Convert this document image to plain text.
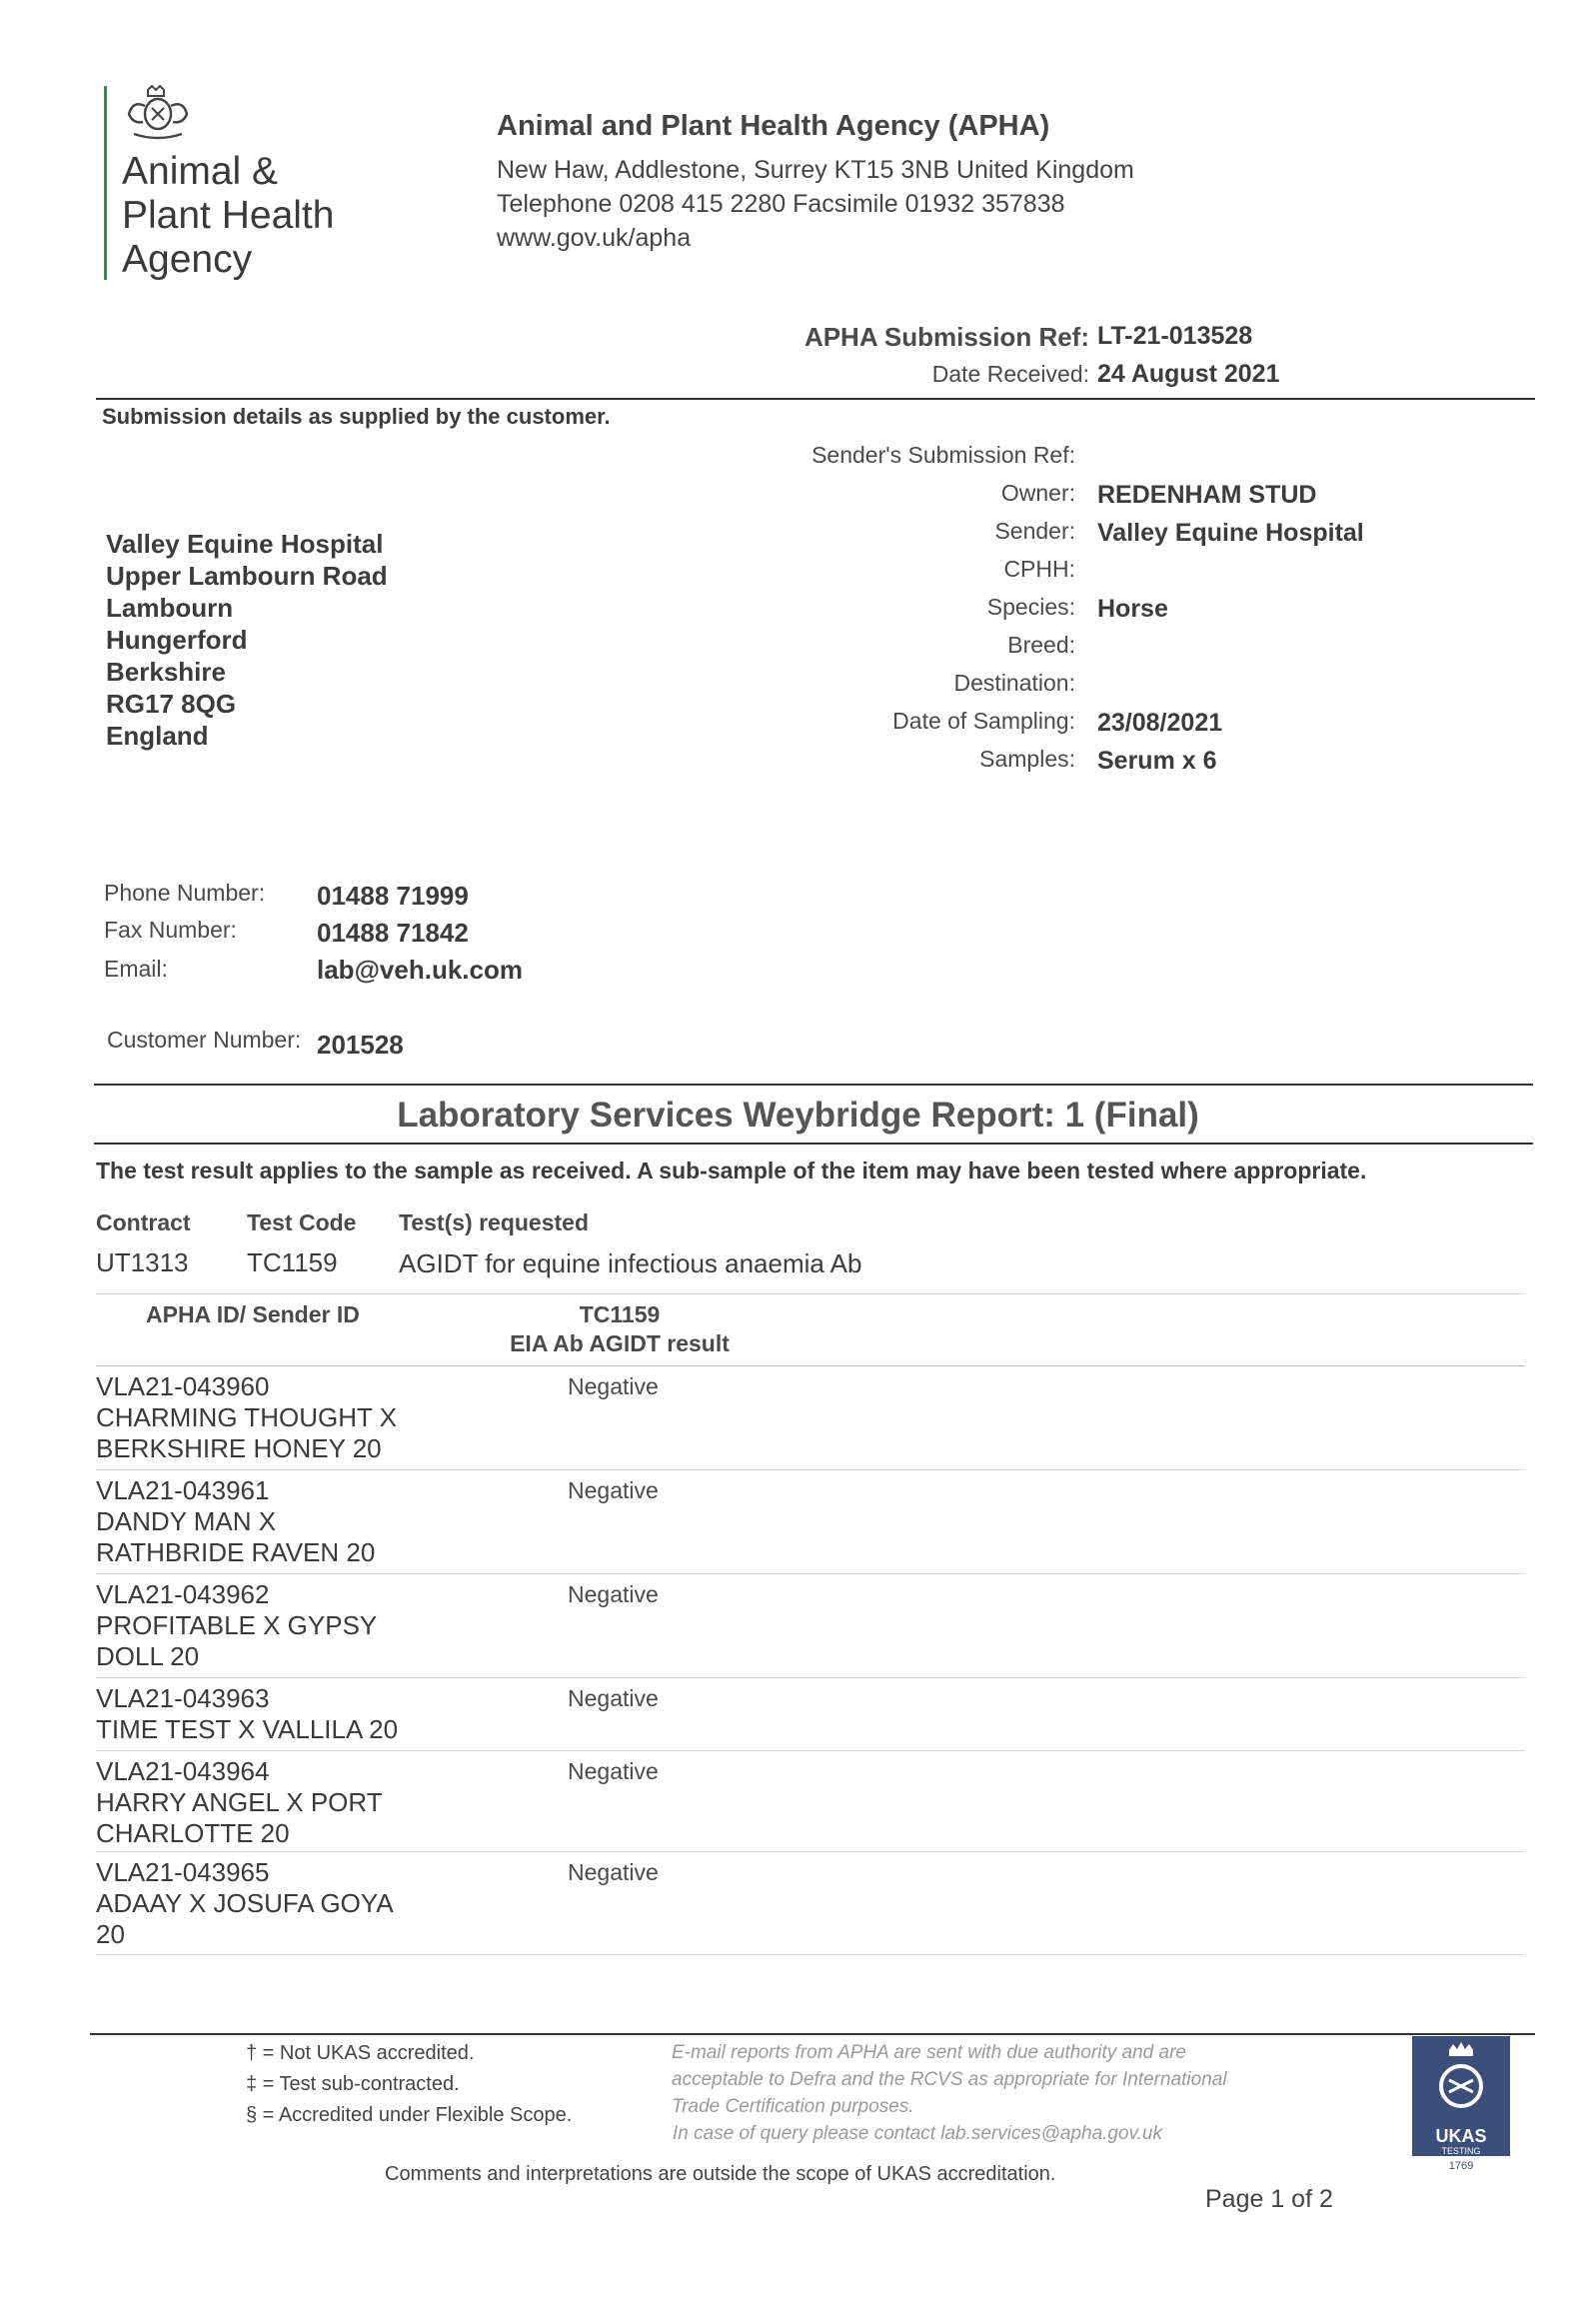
Animal &
Plant Health
Agency
Animal and Plant Health Agency (APHA)
New Haw, Addlestone, Surrey KT15 3NB United Kingdom
Telephone 0208 415 2280 Facsimile 01932 357838
www.gov.uk/apha
APHA Submission Ref: LT-21-013528
Date Received: 24 August 2021
Submission details as supplied by the customer.
Sender's Submission Ref:
Owner: REDENHAM STUD
Sender: Valley Equine Hospital
CPHH:
Species: Horse
Breed:
Destination:
Date of Sampling: 23/08/2021
Samples: Serum x 6
Valley Equine Hospital
Upper Lambourn Road
Lambourn
Hungerford
Berkshire
RG17 8QG
England
Phone Number: 01488 71999
Fax Number:	01488 71842
Email:	lab@veh.uk.com
Customer Number: 201528
Laboratory Services Weybridge Report: 1 (Final)
The test result applies to the sample as received. A sub-sample of the item may have been tested where appropriate.
Contract Test Code Test(s) requested
UT1313 TC1159 AGIDT for equine infectious anaemia Ab
APHA ID/ Sender ID	TC1159
EIA Ab AGIDT result
VLA21-043960
CHARMING THOUGHT X
BERKSHIRE HONEY 20
Negative
VLA21-043961
DANDY MAN X
RATHBRIDE RAVEN 20
Negative
VLA21-043962
PROFITABLE X GYPSY
DOLL 20
Negative
VLA21-043963
TIME TEST X VALLILA 20
Negative
VLA21-043964
HARRY ANGEL X PORT
CHARLOTTE 20
Negative
VLA21-043965
ADAAY X JOSUFA GOYA
20
Negative
† = Not UKAS accredited.
‡ = Test sub-contracted.
§ = Accredited under Flexible Scope.
E-mail reports from APHA are sent with due authority and are
acceptable to Defra and the RCVS as appropriate for International
Trade Certification purposes.
In case of query please contact lab.services@apha.gov.uk
Comments and interpretations are outside the scope of UKAS accreditation.
Page 1 of 2
UKAS
TESTING
1769
